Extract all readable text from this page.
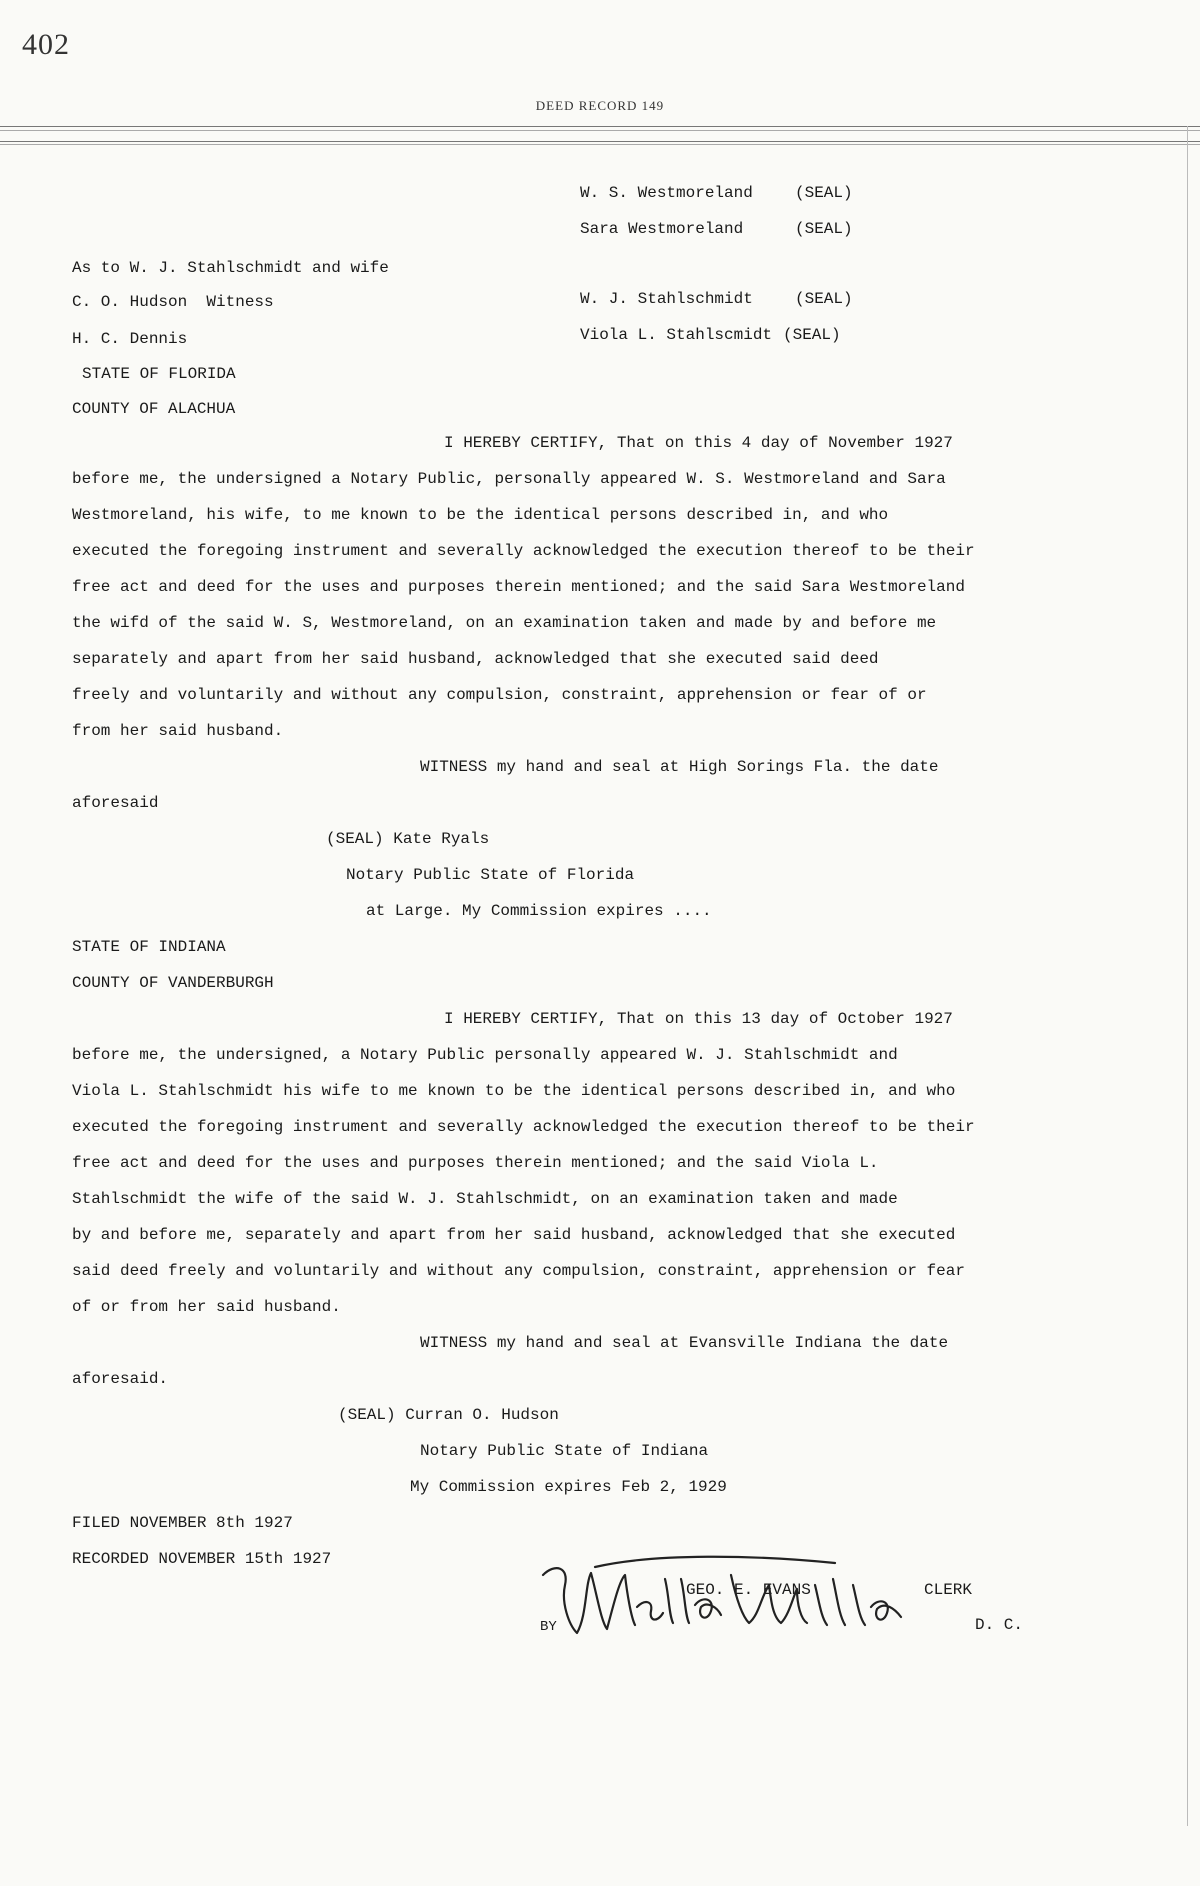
402
DEED RECORD 149
W. S. Westmoreland	(SEAL)
Sara Westmoreland	(SEAL)
As to W. J. Stahlschmidt and wife
C. O. Hudson  Witness	W. J. Stahlschmidt	(SEAL)
H. C. Dennis	Viola L. Stahlscmidt (SEAL)
STATE OF FLORIDA
COUNTY OF ALACHUA
I HEREBY CERTIFY, That on this 4 day of November 1927
before me, the undersigned a Notary Public, personally appeared W. S. Westmoreland and Sara
Westmoreland, his wife, to me known to be the identical persons described in, and who
executed the foregoing instrument and severally acknowledged the execution thereof to be their
free act and deed for the uses and purposes therein mentioned; and the said Sara Westmoreland
the wifd of the said W. S, Westmoreland, on an examination taken and made by and before me
separately and apart from her said husband, acknowledged that she executed said deed
freely and voluntarily and without any compulsion, constraint, apprehension or fear of or
from her said husband.
WITNESS my hand and seal at High Sorings Fla. the date
aforesaid
(SEAL) Kate Ryals
Notary Public State of Florida
at Large. My Commission expires ....
STATE OF INDIANA
COUNTY OF VANDERBURGH
I HEREBY CERTIFY, That on this 13 day of October 1927
before me, the undersigned, a Notary Public personally appeared W. J. Stahlschmidt and
Viola L. Stahlschmidt his wife to me known to be the identical persons described in, and who
executed the foregoing instrument and severally acknowledged the execution thereof to be their
free act and deed for the uses and purposes therein mentioned; and the said Viola L.
Stahlschmidt the wife of the said W. J. Stahlschmidt, on an examination taken and made
by and before me, separately and apart from her said husband, acknowledged that she executed
said deed freely and voluntarily and without any compulsion, constraint, apprehension or fear
of or from her said husband.
WITNESS my hand and seal at Evansville Indiana the date
aforesaid.
(SEAL) Curran O. Hudson
Notary Public State of Indiana
My Commission expires Feb 2, 1929
FILED NOVEMBER 8th 1927
RECORDED NOVEMBER 15th 1927
GEO. E. EVANS	CLERK
BY	D. C.
